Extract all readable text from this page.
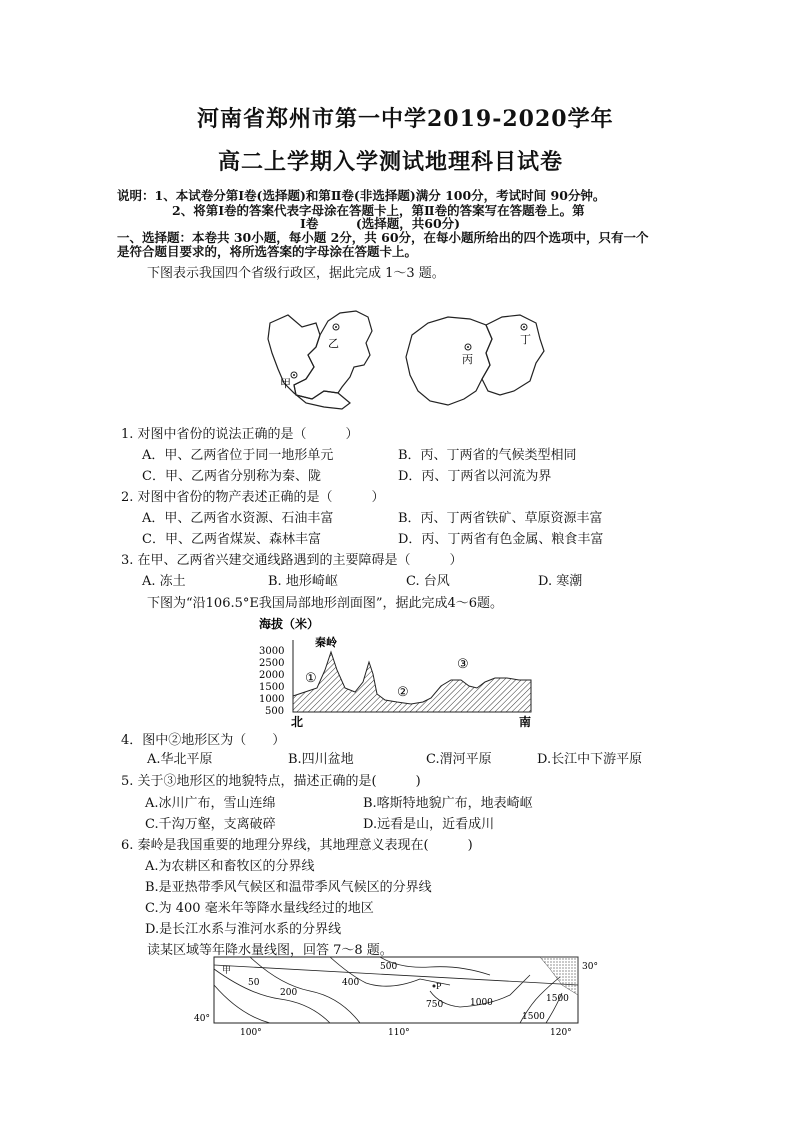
河南省郑州市第一中学2019-2020学年
高二上学期入学测试地理科目试卷
说明：1、本试卷分第Ⅰ卷(选择题)和第Ⅱ卷(非选择题)满分 100分，考试时间 90分钟。
2、将第Ⅰ卷的答案代表字母涂在答题卡上，第Ⅱ卷的答案写在答题卷上。第
Ⅰ卷　　　(选择题，共60分)
一、选择题：本卷共 30小题，每小题 2分，共 60分，在每小题所给出的四个选项中，只有一个
是符合题目要求的，将所选答案的字母涂在答题卡上。
下图表示我国四个省级行政区，据此完成 1～3 题。
乙
甲
丙
丁
1. 对图中省份的说法正确的是（　　　）
A．甲、乙两省位于同一地形单元	B．丙、丁两省的气候类型相同
C．甲、乙两省分别称为秦、陇	D．丙、丁两省以河流为界
2. 对图中省份的物产表述正确的是（　　　）
A．甲、乙两省水资源、石油丰富	B．丙、丁两省铁矿、草原资源丰富
C．甲、乙两省煤炭、森林丰富	D．丙、丁两省有色金属、粮食丰富
3. 在甲、乙两省兴建交通线路遇到的主要障碍是（　　　）
A. 冻土	B. 地形崎岖	C. 台风	D. 寒潮
下图为“沿106.5°E我国局部地形剖面图”，据此完成4～6题。
海拔（米）
秦岭
3000
2500
2000
1500
1000
500
①
②
③
北	南
4．图中②地形区为（　　）
A.华北平原	B.四川盆地	C.渭河平原	D.长江中下游平原
5. 关于③地形区的地貌特点，描述正确的是(　　　)
A.冰川广布，雪山连绵	B.喀斯特地貌广布，地表崎岖
C.千沟万壑，支离破碎	D.远看是山，近看成川
6. 秦岭是我国重要的地理分界线，其地理意义表现在(　　　)
A.为农耕区和畜牧区的分界线
B.是亚热带季风气候区和温带季风气候区的分界线
C.为 400 毫米年等降水量线经过的地区
D.是长江水系与淮河水系的分界线
读某区域等年降水量线图，回答 7～8 题。
甲
50
200
400
500
750	1000	1500
1500
P
30°
40°
100°	110°	120°
